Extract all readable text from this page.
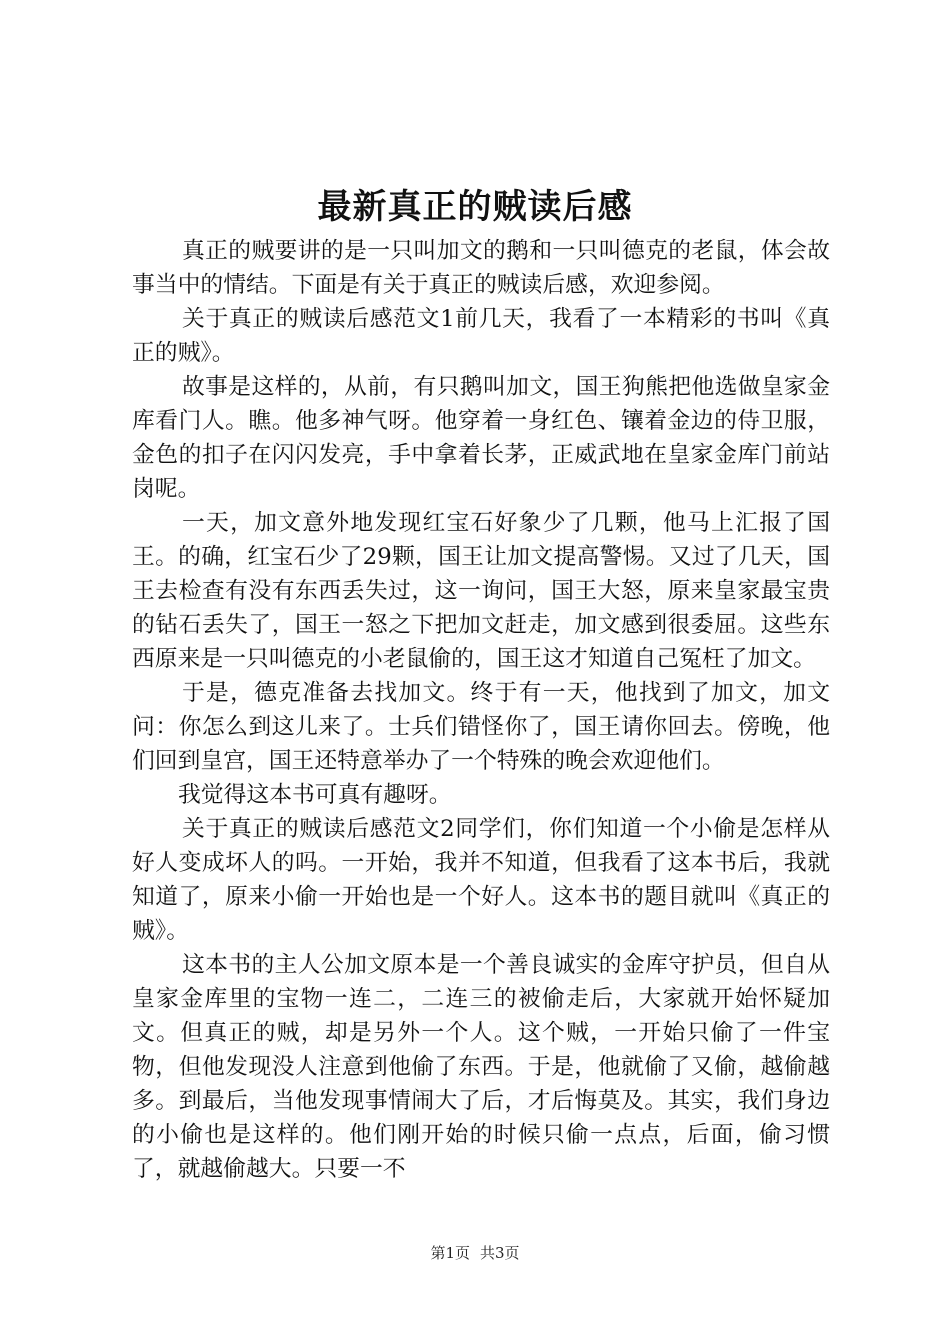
最新真正的贼读后感

真正的贼要讲的是一只叫加文的鹅和一只叫德克的老鼠，体会故事当中的情结。下面是有关于真正的贼读后感，欢迎参阅。

关于真正的贼读后感范文1前几天，我看了一本精彩的书叫《真正的贼》。

故事是这样的，从前，有只鹅叫加文，国王狗熊把他选做皇家金库看门人。瞧。他多神气呀。他穿着一身红色、镶着金边的侍卫服，金色的扣子在闪闪发亮，手中拿着长茅，正威武地在皇家金库门前站岗呢。

一天，加文意外地发现红宝石好象少了几颗，他马上汇报了国王。的确，红宝石少了29颗，国王让加文提高警惕。又过了几天，国王去检查有没有东西丢失过，这一询问，国王大怒，原来皇家最宝贵的钻石丢失了，国王一怒之下把加文赶走，加文感到很委屈。这些东西原来是一只叫德克的小老鼠偷的，国王这才知道自己冤枉了加文。

于是，德克准备去找加文。终于有一天，他找到了加文，加文问：你怎么到这儿来了。士兵们错怪你了，国王请你回去。傍晚，他们回到皇宫，国王还特意举办了一个特殊的晚会欢迎他们。

我觉得这本书可真有趣呀。

关于真正的贼读后感范文2同学们，你们知道一个小偷是怎样从好人变成坏人的吗。一开始，我并不知道，但我看了这本书后，我就知道了，原来小偷一开始也是一个好人。这本书的题目就叫《真正的贼》。

这本书的主人公加文原本是一个善良诚实的金库守护员，但自从皇家金库里的宝物一连二，二连三的被偷走后，大家就开始怀疑加文。但真正的贼，却是另外一个人。这个贼，一开始只偷了一件宝物，但他发现没人注意到他偷了东西。于是，他就偷了又偷，越偷越多。到最后，当他发现事情闹大了后，才后悔莫及。其实，我们身边的小偷也是这样的。他们刚开始的时候只偷一点点，后面，偷习惯了，就越偷越大。只要一不

第1页 共3页
